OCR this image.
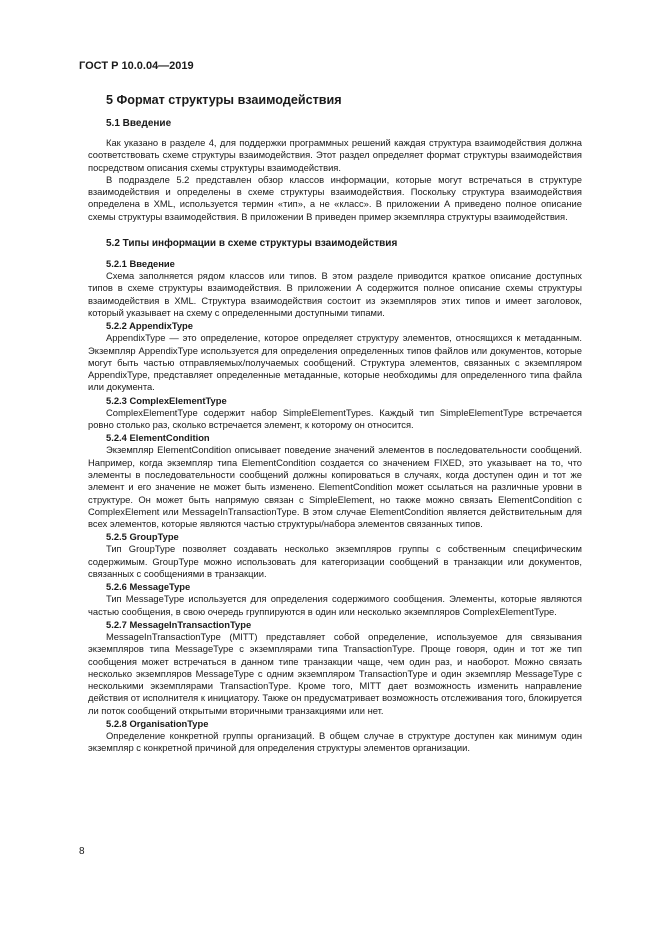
ГОСТ Р 10.0.04—2019
5 Формат структуры взаимодействия
5.1 Введение

Как указано в разделе 4, для поддержки программных решений каждая структура взаимодействия должна соответствовать схеме структуры взаимодействия. Этот раздел определяет формат структуры взаимодействия посредством описания схемы структуры взаимодействия.

В подразделе 5.2 представлен обзор классов информации, которые могут встречаться в структуре взаимодействия и определены в схеме структуры взаимодействия. Поскольку структура взаимодействия определена в XML, используется термин «тип», а не «класс». В приложении А приведено полное описание схемы структуры взаимодействия. В приложении В приведен пример экземпляра структуры взаимодействия.

5.2 Типы информации в схеме структуры взаимодействия
5.2.1 Введение

Схема заполняется рядом классов или типов. В этом разделе приводится краткое описание доступных типов в схеме структуры взаимодействия. В приложении А содержится полное описание схемы структуры взаимодействия в XML. Структура взаимодействия состоит из экземпляров этих типов и имеет заголовок, который указывает на схему с определенными доступными типами.

5.2.2 AppendixType

AppendixType — это определение, которое определяет структуру элементов, относящихся к метаданным. Экземпляр AppendixType используется для определения определенных типов файлов или документов, которые могут быть частью отправляемых/получаемых сообщений. Структура элементов, связанных с экземпляром AppendixType, представляет определенные метаданные, которые необходимы для определенного типа файла или документа.

5.2.3 ComplexElementType

ComplexElementType содержит набор SimpleElementTypes. Каждый тип SimpleElementType встречается ровно столько раз, сколько встречается элемент, к которому он относится.

5.2.4 ElementCondition

Экземпляр ElementCondition описывает поведение значений элементов в последовательности сообщений. Например, когда экземпляр типа ElementCondition создается со значением FIXED, это указывает на то, что элементы в последовательности сообщений должны копироваться в случаях, когда доступен один и тот же элемент и его значение не может быть изменено. ElementCondition может ссылаться на различные уровни в структуре. Он может быть напрямую связан с SimpleElement, но также можно связать ElementCondition с ComplexElement или MessageInTransactionType. В этом случае ElementCondition является действительным для всех элементов, которые являются частью структуры/набора элементов связанных типов.

5.2.5 GroupType

Тип GroupType позволяет создавать несколько экземпляров группы с собственным специфическим содержимым. GroupType можно использовать для категоризации сообщений в транзакции или документов, связанных с сообщениями в транзакции.

5.2.6 MessageType

Тип MessageType используется для определения содержимого сообщения. Элементы, которые являются частью сообщения, в свою очередь группируются в один или несколько экземпляров ComplexElementType.

5.2.7 MessageInTransactionType

MessageInTransactionType (MITT) представляет собой определение, используемое для связывания экземпляров типа MessageType с экземплярами типа TransactionType. Проще говоря, один и тот же тип сообщения может встречаться в данном типе транзакции чаще, чем один раз, и наоборот. Можно связать несколько экземпляров MessageType с одним экземпляром TransactionType и один экземпляр MessageType с несколькими экземплярами TransactionType. Кроме того, MITT дает возможность изменить направление действия от исполнителя к инициатору. Также он предусматривает возможность отслеживания того, блокируется ли поток сообщений открытыми вторичными транзакциями или нет.

5.2.8 OrganisationType

Определение конкретной группы организаций. В общем случае в структуре доступен как минимум один экземпляр с конкретной причиной для определения структуры элементов организации.

8
